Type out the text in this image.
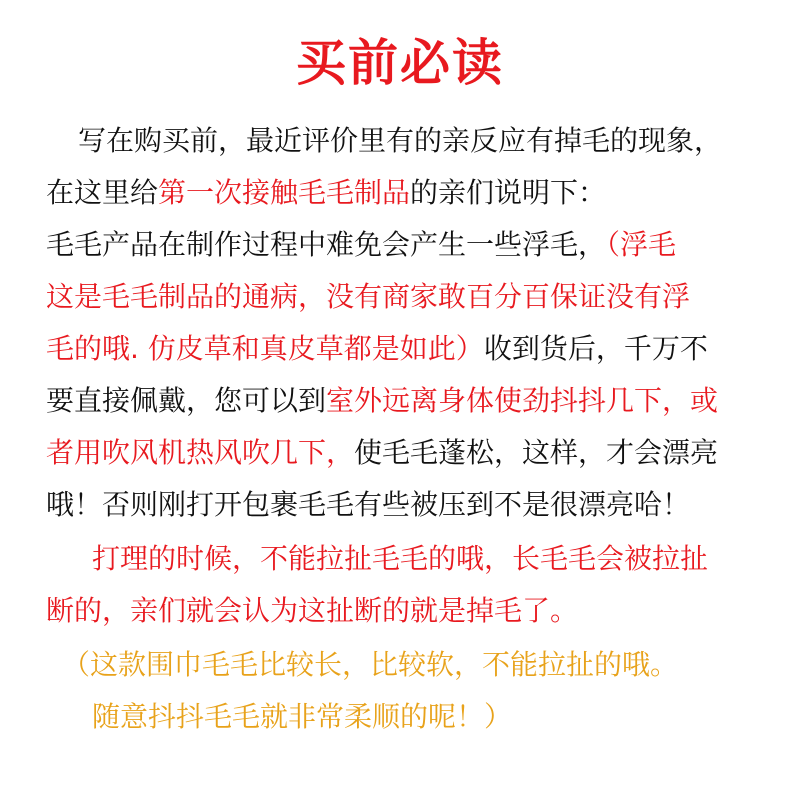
买前必读
写在购买前，最近评价里有的亲反应有掉毛的现象，
在这里给第一次接触毛毛制品的亲们说明下：
毛毛产品在制作过程中难免会产生一些浮毛，（浮毛
这是毛毛制品的通病，没有商家敢百分百保证没有浮
毛的哦. 仿皮草和真皮草都是如此）收到货后，千万不
要直接佩戴，您可以到室外远离身体使劲抖抖几下，或
者用吹风机热风吹几下，使毛毛蓬松，这样，才会漂亮
哦！否则刚打开包裹毛毛有些被压到不是很漂亮哈！
打理的时候，不能拉扯毛毛的哦，长毛毛会被拉扯
断的，亲们就会认为这扯断的就是掉毛了。
（这款围巾毛毛比较长，比较软，不能拉扯的哦。
随意抖抖毛毛就非常柔顺的呢！）
